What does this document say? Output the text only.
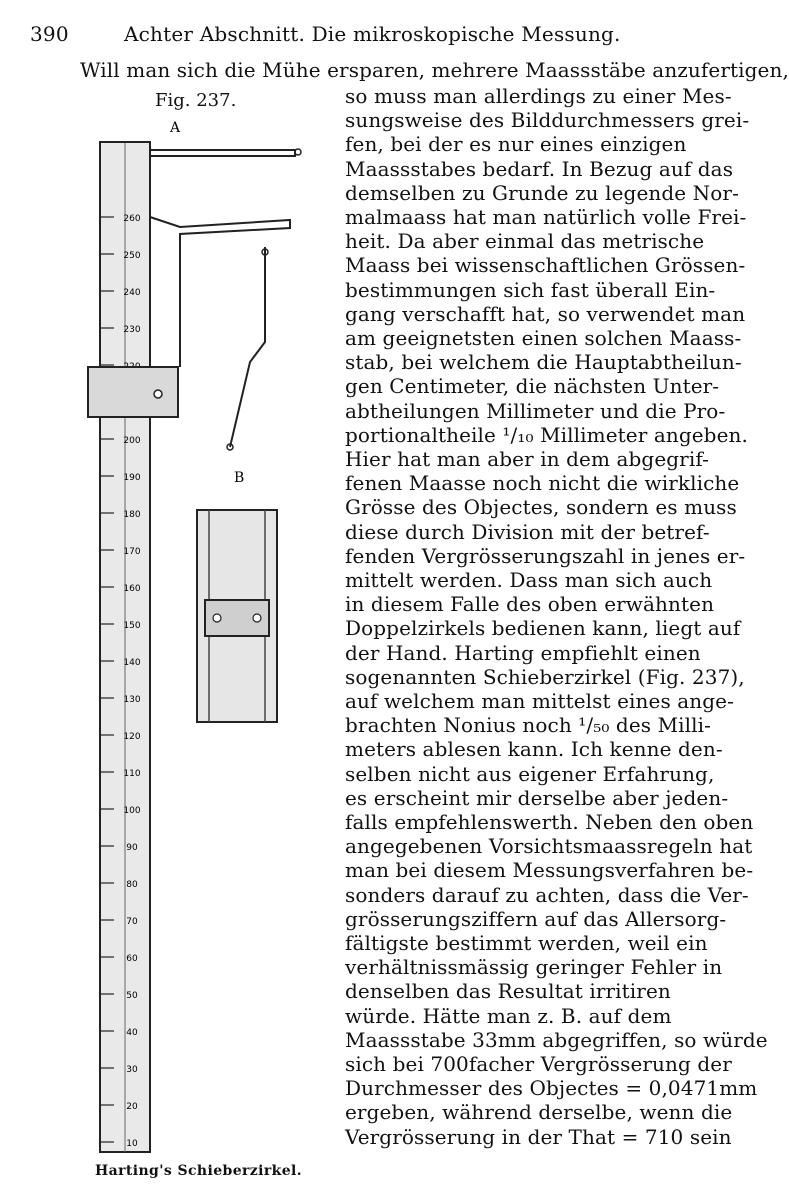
390	Achter Abschnitt. Die mikroskopische Messung.
Fig. 237.
10
20
30
40
50
60
70
80
90
100
110
120
130
140
150
160
170
180
190
200
230
240
250
260
A
B
Harting's Schieberzirkel.
Will man sich die Mühe ersparen, mehrere Maassstäbe anzufertigen,
so muss man allerdings zu einer Mes-
sungsweise des Bilddurchmessers grei-
fen, bei der es nur eines einzigen
Maassstabes bedarf. In Bezug auf das
demselben zu Grunde zu legende Nor-
malmaass hat man natürlich volle Frei-
heit. Da aber einmal das metrische
Maass bei wissenschaftlichen Grössen-
bestimmungen sich fast überall Ein-
gang verschafft hat, so verwendet man
am geeignetsten einen solchen Maass-
stab, bei welchem die Hauptabtheilun-
gen Centimeter, die nächsten Unter-
abtheilungen Millimeter und die Pro-
portionaltheile ¹/₁₀ Millimeter angeben.
Hier hat man aber in dem abgegrif-
fenen Maasse noch nicht die wirkliche
Grösse des Objectes, sondern es muss
diese durch Division mit der betref-
fenden Vergrösserungszahl in jenes er-
mittelt werden. Dass man sich auch
in diesem Falle des oben erwähnten
Doppelzirkels bedienen kann, liegt auf
der Hand. Harting empfiehlt einen
sogenannten Schieberzirkel (Fig. 237),
auf welchem man mittelst eines ange-
brachten Nonius noch ¹/₅₀ des Milli-
meters ablesen kann. Ich kenne den-
selben nicht aus eigener Erfahrung,
es erscheint mir derselbe aber jeden-
falls empfehlenswerth. Neben den oben
angegebenen Vorsichtsmaassregeln hat
man bei diesem Messungsverfahren be-
sonders darauf zu achten, dass die Ver-
grösserungsziffern auf das Allersorg-
fältigste bestimmt werden, weil ein
verhältnissmässig geringer Fehler in
denselben das Resultat irritiren
würde. Hätte man z. B. auf dem
Maassstabe 33mm abgegriffen, so würde
sich bei 700facher Vergrösserung der
Durchmesser des Objectes = 0,0471mm
ergeben, während derselbe, wenn die
Vergrösserung in der That = 710 sein
